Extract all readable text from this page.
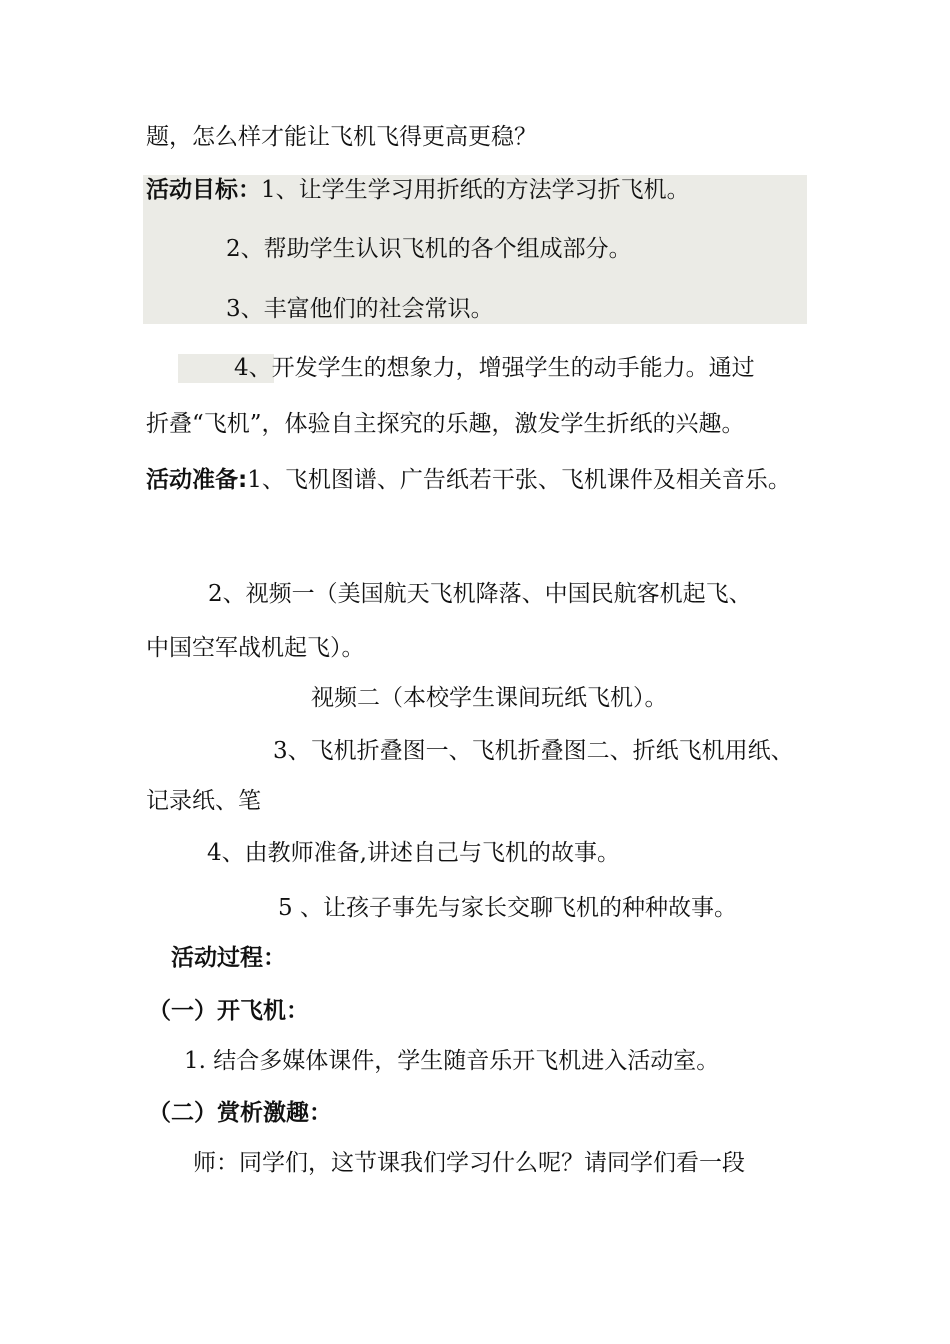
题，怎么样才能让飞机飞得更高更稳？
活动目标：1、让学生学习用折纸的方法学习折飞机。
2、帮助学生认识飞机的各个组成部分。
3、丰富他们的社会常识。
4、开发学生的想象力，增强学生的动手能力。通过
折叠“飞机”，体验自主探究的乐趣，激发学生折纸的兴趣。
活动准备:1、飞机图谱、广告纸若干张、飞机课件及相关音乐。
2、视频一（美国航天飞机降落、中国民航客机起飞、
中国空军战机起飞）。
视频二（本校学生课间玩纸飞机）。
3、飞机折叠图一、飞机折叠图二、折纸飞机用纸、
记录纸、笔
4、由教师准备,讲述自己与飞机的故事。
5 、让孩子事先与家长交聊飞机的种种故事。
活动过程：
（一）开飞机：
1. 结合多媒体课件，学生随音乐开飞机进入活动室。
（二）赏析激趣：
师：同学们，这节课我们学习什么呢？请同学们看一段
